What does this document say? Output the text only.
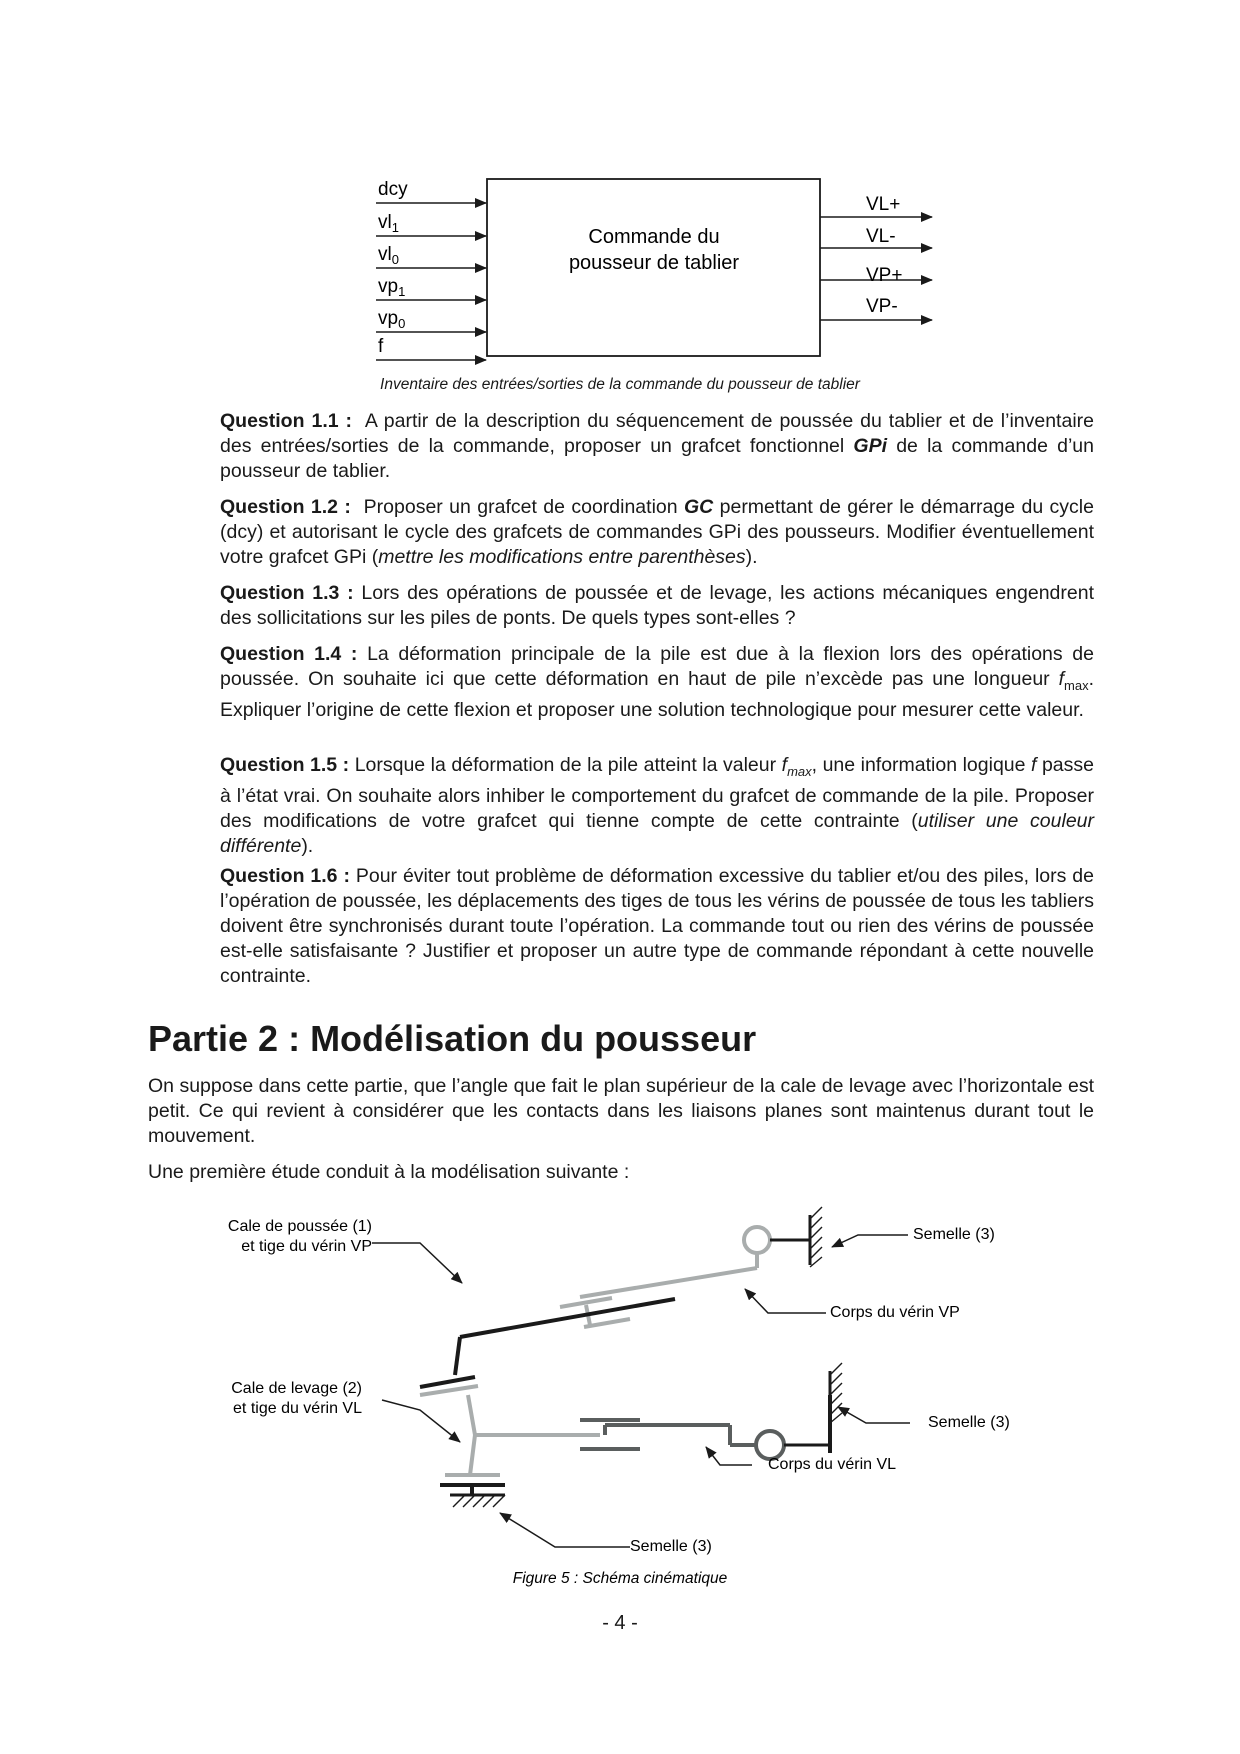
Commande du
pousseur de tablier
dcy
$vl_1$
$vl_0$
$vp_1$
$vp_0$
f
VL+
VL-
VP+
VP-
Inventaire des entrées/sorties de la commande du pousseur de tablier
Question 1.1 : A partir de la description du séquencement de poussée du tablier et de l’inventaire des entrées/sorties de la commande, proposer un grafcet fonctionnel GPi de la commande d’un pousseur de tablier.
Question 1.2 : Proposer un grafcet de coordination GC permettant de gérer le démarrage du cycle (dcy) et autorisant le cycle des grafcets de commandes GPi des pousseurs. Modifier éventuellement votre grafcet GPi (mettre les modifications entre parenthèses).
Question 1.3 : Lors des opérations de poussée et de levage, les actions mécaniques engendrent des sollicitations sur les piles de ponts. De quels types sont-elles ?
Question 1.4 : La déformation principale de la pile est due à la flexion lors des opérations de poussée. On souhaite ici que cette déformation en haut de pile n’excède pas une longueur $f_{max}$. Expliquer l’origine de cette flexion et proposer une solution technologique pour mesurer cette valeur.
Question 1.5 : Lorsque la déformation de la pile atteint la valeur $f_{max}$, une information logique f passe à l’état vrai. On souhaite alors inhiber le comportement du grafcet de commande de la pile. Proposer des modifications de votre grafcet qui tienne compte de cette contrainte (utiliser une couleur différente).
Question 1.6 : Pour éviter tout problème de déformation excessive du tablier et/ou des piles, lors de l’opération de poussée, les déplacements des tiges de tous les vérins de poussée de tous les tabliers doivent être synchronisés durant toute l’opération. La commande tout ou rien des vérins de poussée est-elle satisfaisante ? Justifier et proposer un autre type de commande répondant à cette nouvelle contrainte.
Partie 2 : Modélisation du pousseur
On suppose dans cette partie, que l’angle que fait le plan supérieur de la cale de levage avec l’horizontale est petit. Ce qui revient à considérer que les contacts dans les liaisons planes sont maintenus durant tout le mouvement.
Une première étude conduit à la modélisation suivante :
Cale de poussée (1)
et tige du vérin VP
Cale de levage (2)
et tige du vérin VL
Semelle (3)
Corps du vérin VP
Semelle (3)
Corps du vérin VL
Semelle (3)
Figure 5 : Schéma cinématique
- 4 -
